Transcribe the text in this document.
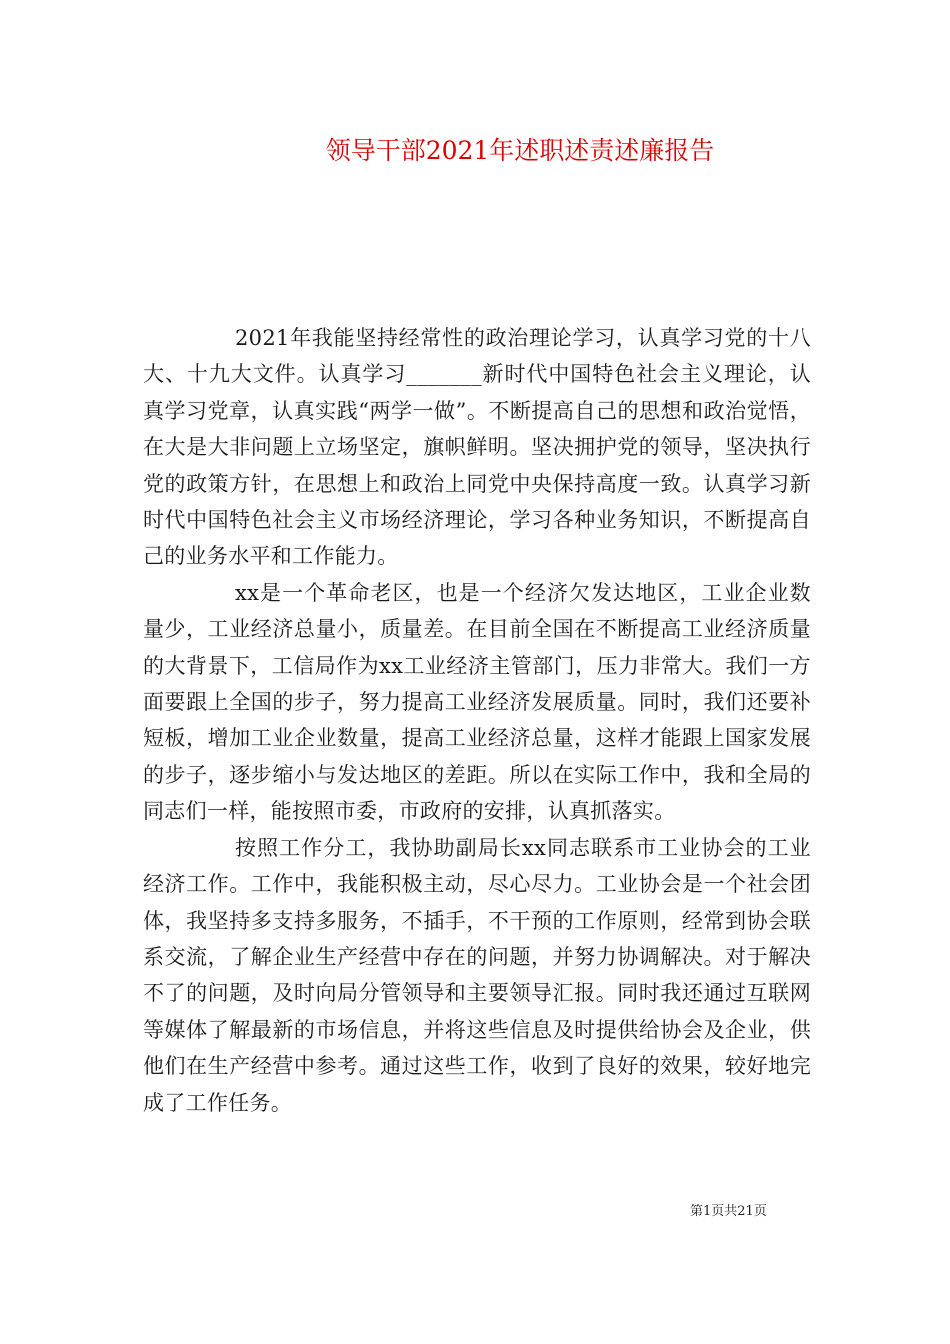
领导干部2021年述职述责述廉报告

2021年我能坚持经常性的政治理论学习，认真学习党的十八大、十九大文件。认真学习_______新时代中国特色社会主义理论，认真学习党章，认真实践“两学一做”。不断提高自己的思想和政治觉悟，在大是大非问题上立场坚定，旗帜鲜明。坚决拥护党的领导，坚决执行党的政策方针，在思想上和政治上同党中央保持高度一致。认真学习新时代中国特色社会主义市场经济理论，学习各种业务知识，不断提高自己的业务水平和工作能力。

xx是一个革命老区，也是一个经济欠发达地区，工业企业数量少，工业经济总量小，质量差。在目前全国在不断提高工业经济质量的大背景下，工信局作为xx工业经济主管部门，压力非常大。我们一方面要跟上全国的步子，努力提高工业经济发展质量。同时，我们还要补短板，增加工业企业数量，提高工业经济总量，这样才能跟上国家发展的步子，逐步缩小与发达地区的差距。所以在实际工作中，我和全局的同志们一样，能按照市委，市政府的安排，认真抓落实。

按照工作分工，我协助副局长xx同志联系市工业协会的工业经济工作。工作中，我能积极主动，尽心尽力。工业协会是一个社会团体，我坚持多支持多服务，不插手，不干预的工作原则，经常到协会联系交流，了解企业生产经营中存在的问题，并努力协调解决。对于解决不了的问题，及时向局分管领导和主要领导汇报。同时我还通过互联网等媒体了解最新的市场信息，并将这些信息及时提供给协会及企业，供他们在生产经营中参考。通过这些工作，收到了良好的效果，较好地完成了工作任务。

第1页共21页
